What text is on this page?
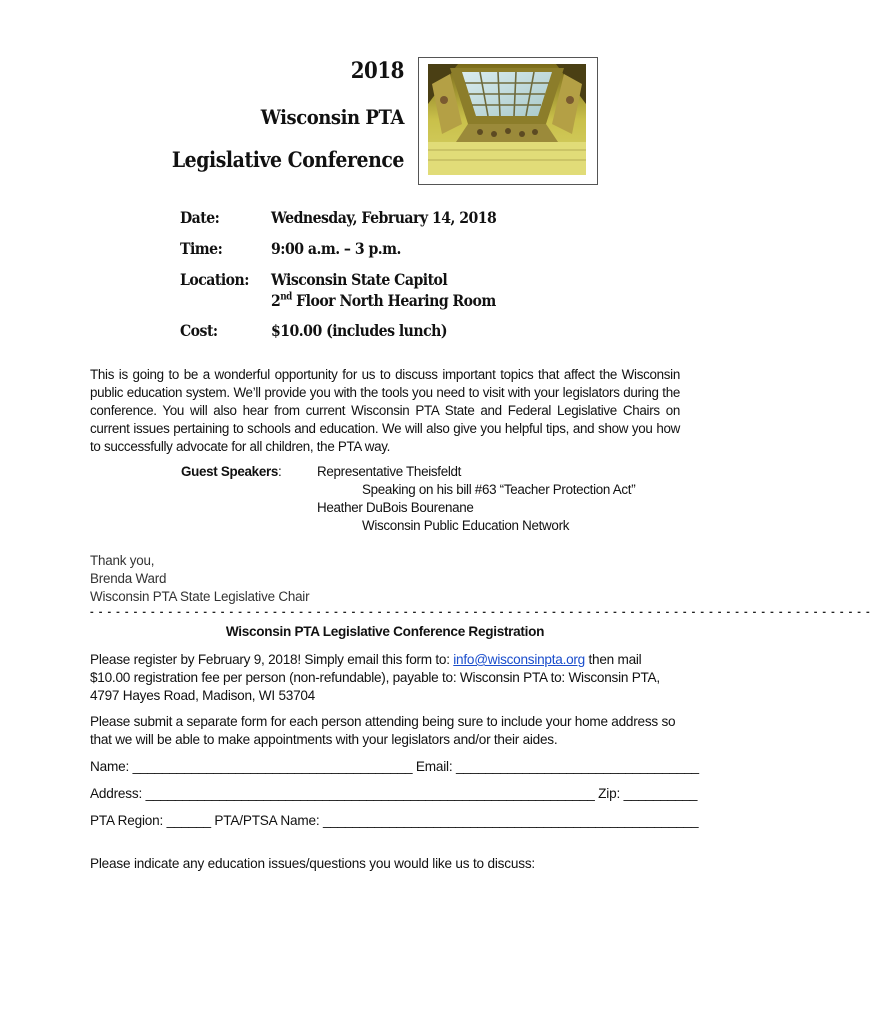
2018
Wisconsin PTA
Legislative Conference
Date:	Wednesday, February 14, 2018
Time:	9:00 a.m. – 3 p.m.
Location: Wisconsin State Capitol
2nd Floor North Hearing Room
Cost:	$10.00 (includes lunch)
This is going to be a wonderful opportunity for us to discuss important topics that affect the Wisconsin public education system. We’ll provide you with the tools you need to visit with your legislators during the conference. You will also hear from current Wisconsin PTA State and Federal Legislative Chairs on current issues pertaining to schools and education. We will also give you helpful tips, and show you how to successfully advocate for all children, the PTA way.
Guest Speakers:	Representative Theisfeldt
Speaking on his bill #63 “Teacher Protection Act”
Heather DuBois Bourenane
Wisconsin Public Education Network
Thank you,
Brenda Ward
Wisconsin PTA State Legislative Chair
- - - - - - - - - - - - - - - - - - - - - - - - - - - - - - - - - - - - - - - - - - - - - - - - - - - - - - - - - - - - - - - - - - - - - - - - - - - - - - - - - - - - - - - - - -
Wisconsin PTA Legislative Conference Registration
Please register by February 9, 2018! Simply email this form to: info@wisconsinpta.org then mail $10.00 registration fee per person (non-refundable), payable to: Wisconsin PTA to: Wisconsin PTA, 4797 Hayes Road, Madison, WI 53704
Please submit a separate form for each person attending being sure to include your home address so that we will be able to make appointments with your legislators and/or their aides.
Name: ______________________________________ Email: _________________________________
Address: _____________________________________________________________ Zip: __________
PTA Region: ______ PTA/PTSA Name: ___________________________________________________
Please indicate any education issues/questions you would like us to discuss:
